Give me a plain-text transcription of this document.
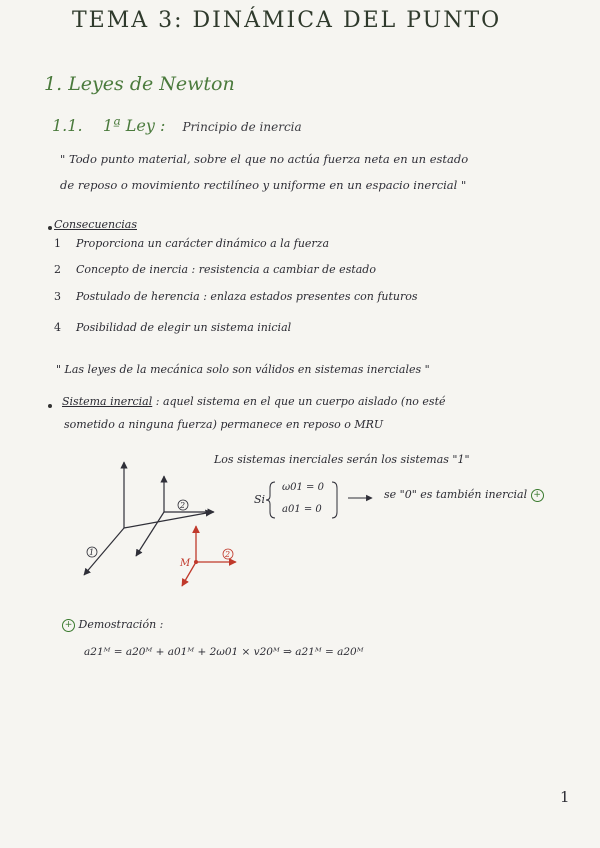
TEMA 3: DINÁMICA DEL PUNTO
1. Leyes de Newton
1.1. 1ª Ley : Principio de inercia
" Todo punto material, sobre el que no actúa fuerza neta en un estado
de reposo o movimiento rectilíneo y uniforme en un espacio inercial "
Consecuencias
1 Proporciona un carácter dinámico a la fuerza
2 Concepto de inercia : resistencia a cambiar de estado
3 Postulado de herencia : enlaza estados presentes con futuros
4 Posibilidad de elegir un sistema inicial
" Las leyes de la mecánica solo son válidos en sistemas inerciales "
Sistema inercial : aquel sistema en el que un cuerpo aislado (no esté
sometido a ninguna fuerza) permanece en reposo o MRU
Los sistemas inerciales serán los sistemas "1"
1
2
2
M
Si
ω01 = 0
a01 = 0
se "0" es también inercial +
+ Demostración :
a21ᴹ = a20ᴹ + a01ᴹ + 2ω01 × v20ᴹ ⇒ a21ᴹ = a20ᴹ
1
